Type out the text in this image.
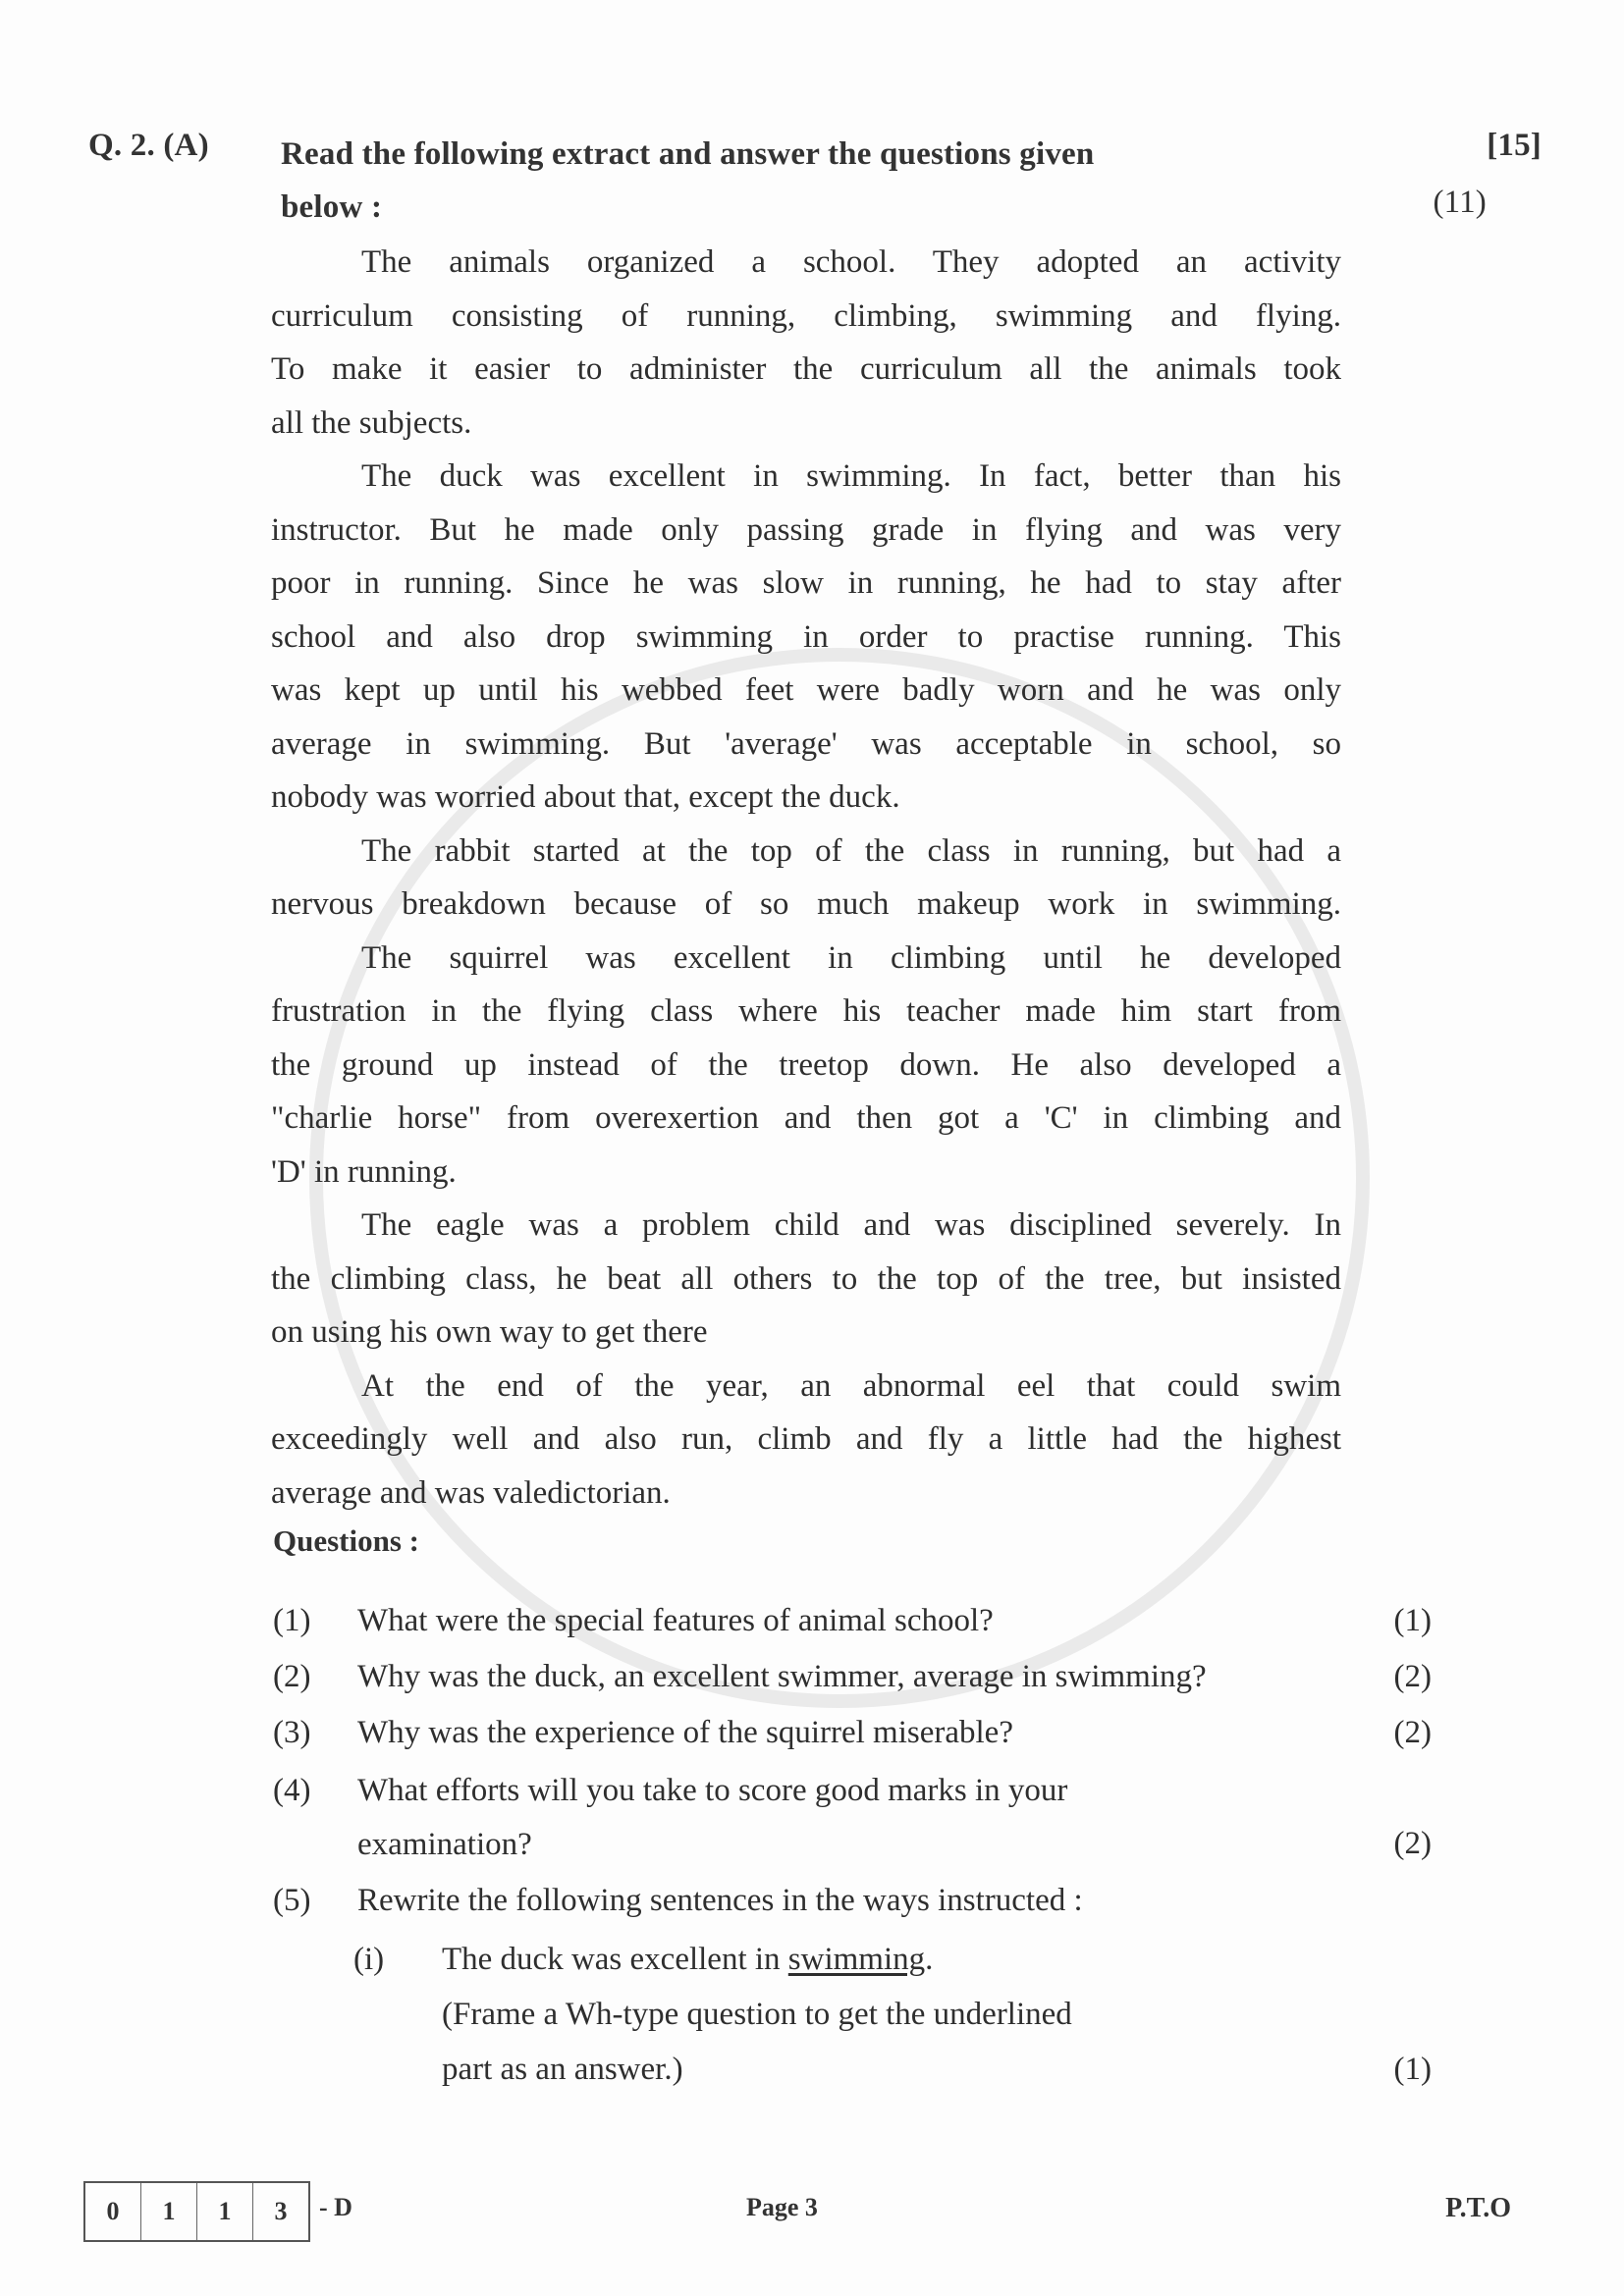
Q. 2. (A) Read the following extract and answer the questions given
below :
[15]
(11)
The animals organized a school. They adopted an activity
curriculum consisting of running, climbing, swimming and flying.
To make it easier to administer the curriculum all the animals took
all the subjects.
The duck was excellent in swimming. In fact, better than his
instructor. But he made only passing grade in flying and was very
poor in running. Since he was slow in running, he had to stay after
school and also drop swimming in order to practise running. This
was kept up until his webbed feet were badly worn and he was only
average in swimming. But 'average' was acceptable in school, so
nobody was worried about that, except the duck.
The rabbit started at the top of the class in running, but had a
nervous breakdown because of so much makeup work in swimming.
The squirrel was excellent in climbing until he developed
frustration in the flying class where his teacher made him start from
the ground up instead of the treetop down. He also developed a
"charlie horse" from overexertion and then got a 'C' in climbing and
'D' in running.
The eagle was a problem child and was disciplined severely. In
the climbing class, he beat all others to the top of the tree, but insisted
on using his own way to get there
At the end of the year, an abnormal eel that could swim
exceedingly well and also run, climb and fly a little had the highest
average and was valedictorian.
Questions :
(1) What were the special features of animal school?	(1)
(2) Why was the duck, an excellent swimmer, average in swimming?	(2)
(3) Why was the experience of the squirrel miserable?	(2)
(4) What efforts will you take to score good marks in your
examination?	(2)
(5) Rewrite the following sentences in the ways instructed :
(i) The duck was excellent in swimming.
(Frame a Wh-type question to get the underlined
part as an answer.)	(1)
0	1	1	3	- D	Page 3	P.T.O
